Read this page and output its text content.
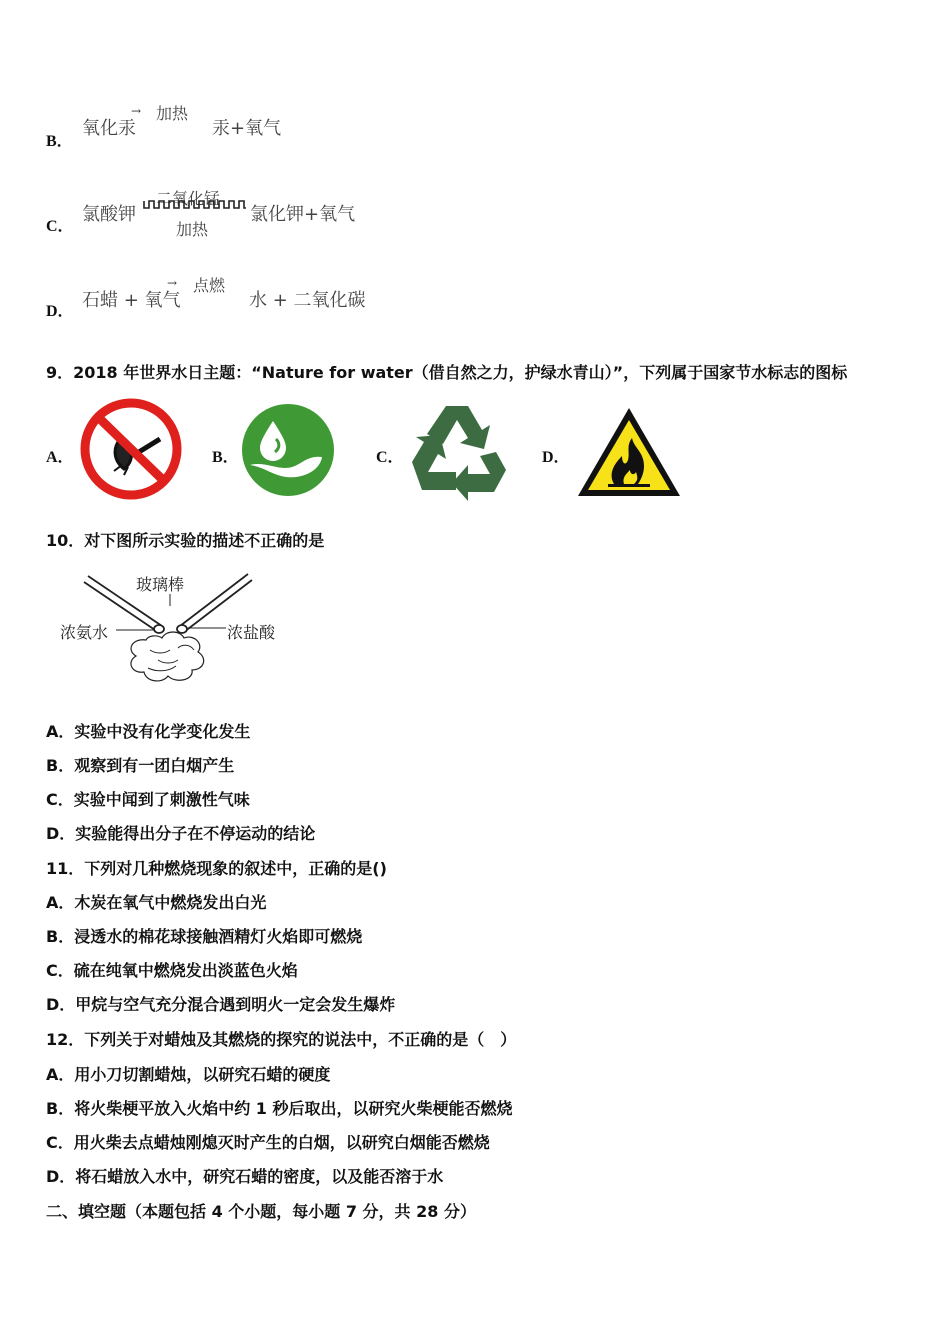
B．
氧化汞
→ 加热
汞+氧气
C．
氯酸钾
二氧化锰
加热
氯化钾+氧气
D．
石蜡 + 氧气
→ 点燃
水 + 二氧化碳
9．2018 年世界水日主题：“Nature for water（借自然之力，护绿水青山）”，下列属于国家节水标志的图标
A．	B．	C．	D．
10．对下图所示实验的描述不正确的是
玻璃棒
浓氨水	浓盐酸
A．实验中没有化学变化发生
B．观察到有一团白烟产生
C．实验中闻到了刺激性气味
D．实验能得出分子在不停运动的结论
11．下列对几种燃烧现象的叙述中，正确的是()
A．木炭在氧气中燃烧发出白光
B．浸透水的棉花球接触酒精灯火焰即可燃烧
C．硫在纯氧中燃烧发出淡蓝色火焰
D．甲烷与空气充分混合遇到明火一定会发生爆炸
12．下列关于对蜡烛及其燃烧的探究的说法中，不正确的是（　）
A．用小刀切割蜡烛，以研究石蜡的硬度
B．将火柴梗平放入火焰中约 1 秒后取出，以研究火柴梗能否燃烧
C．用火柴去点蜡烛刚熄灭时产生的白烟，以研究白烟能否燃烧
D．将石蜡放入水中，研究石蜡的密度，以及能否溶于水
二、填空题（本题包括 4 个小题，每小题 7 分，共 28 分）
